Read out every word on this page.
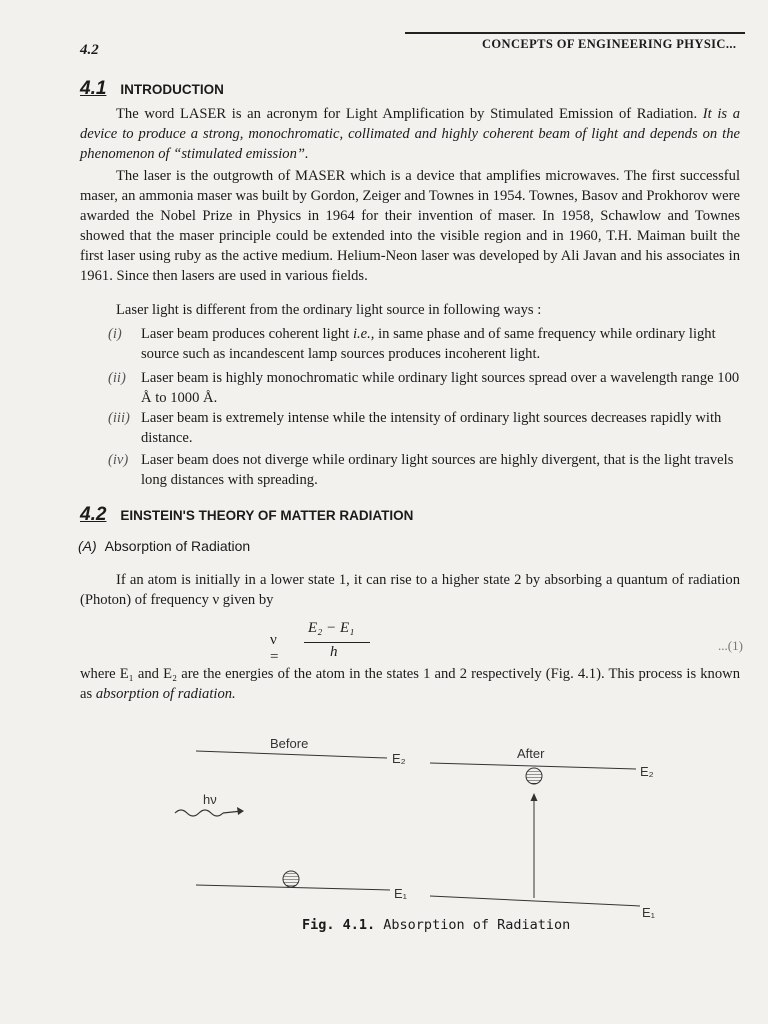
4.2	CONCEPTS OF ENGINEERING PHYSIC...
4.1 INTRODUCTION

The word LASER is an acronym for Light Amplification by Stimulated Emission of Radiation. It is a device to produce a strong, monochromatic, collimated and highly coherent beam of light and depends on the phenomenon of “stimulated emission”.

The laser is the outgrowth of MASER which is a device that amplifies microwaves. The first successful maser, an ammonia maser was built by Gordon, Zeiger and Townes in 1954. Townes, Basov and Prokhorov were awarded the Nobel Prize in Physics in 1964 for their invention of maser. In 1958, Schawlow and Townes showed that the maser principle could be extended into the visible region and in 1960, T.H. Maiman built the first laser using ruby as the active medium. Helium-Neon laser was developed by Ali Javan and his associates in 1961. Since then lasers are used in various fields.

Laser light is different from the ordinary light source in following ways :
(i) Laser beam produces coherent light i.e., in same phase and of same frequency while ordinary light source such as incandescent lamp sources produces incoherent light.
(ii) Laser beam is highly monochromatic while ordinary light sources spread over a wavelength range 100 Å to 1000 Å.
(iii) Laser beam is extremely intense while the intensity of ordinary light sources decreases rapidly with distance.
(iv) Laser beam does not diverge while ordinary light sources are highly divergent, that is the light travels long distances with spreading.
4.2 EINSTEIN'S THEORY OF MATTER RADIATION
(A) Absorption of Radiation

If an atom is initially in a lower state 1, it can rise to a higher state 2 by absorbing a quantum of radiation (Photon) of frequency ν given by

ν =
E₂ − E₁
h	...(1)

where E₁ and E₂ are the energies of the atom in the states 1 and 2 respectively (Fig. 4.1). This process is known as absorption of radiation.

Before
E₂
E₁
hν
After
E₂
E₁
Fig. 4.1. Absorption of Radiation
